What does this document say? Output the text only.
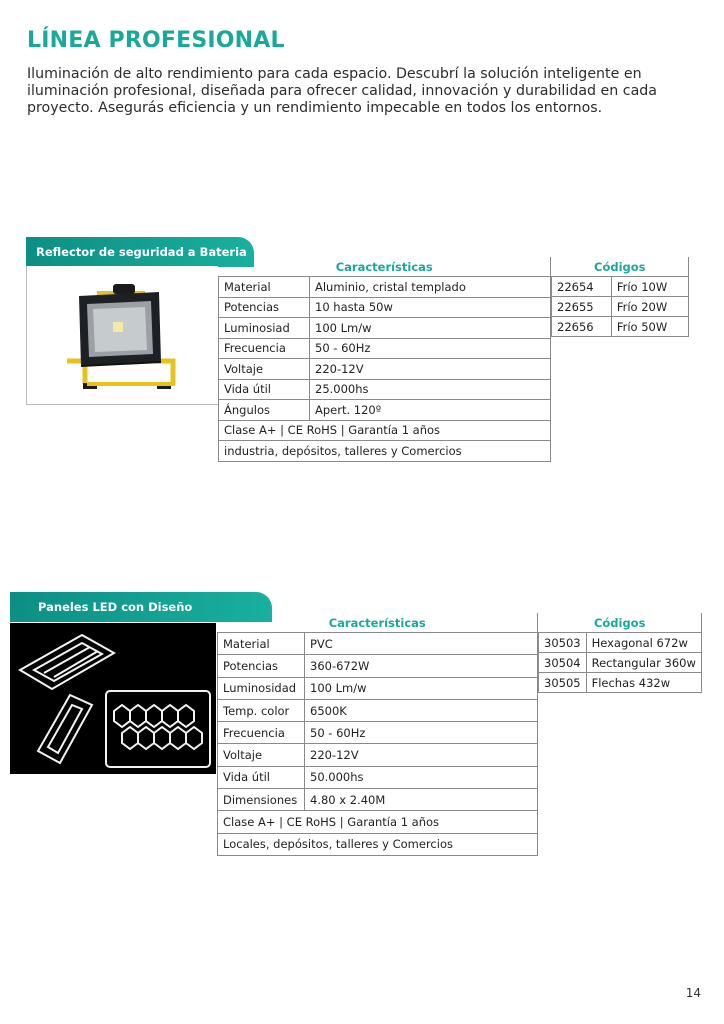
LÍNEA PROFESIONAL
Iluminación de alto rendimiento para cada espacio. Descubrí la solución inteligente en iluminación profesional, diseñada para ofrecer calidad, innovación y durabilidad en cada proyecto. Asegurás eficiencia y un rendimiento impecable en todos los entornos.
Reflector de seguridad a Bateria
Características	
Material	Aluminio, cristal templado
Potencias	10 hasta 50w
Luminosiad	100 Lm/w
Frecuencia	50 - 60Hz
Voltaje	220-12V
Vida útil	25.000hs
Ángulos	Apert. 120º
Clase A+ | CE RoHS | Garantía 1 años	
industria, depósitos, talleres y Comercios	
Códigos	
22654	Frío 10W
22655	Frío 20W
22656	Frío 50W
Paneles LED con Diseño
Características	
Material	PVC
Potencias	360-672W
Luminosidad	100 Lm/w
Temp. color	6500K
Frecuencia	50 - 60Hz
Voltaje	220-12V
Vida útil	50.000hs
Dimensiones	4.80 x 2.40M
Clase A+ | CE RoHS | Garantía 1 años	
Locales, depósitos, talleres y Comercios	
Códigos	
30503	Hexagonal 672w
30504	Rectangular 360w
30505	Flechas 432w
14
